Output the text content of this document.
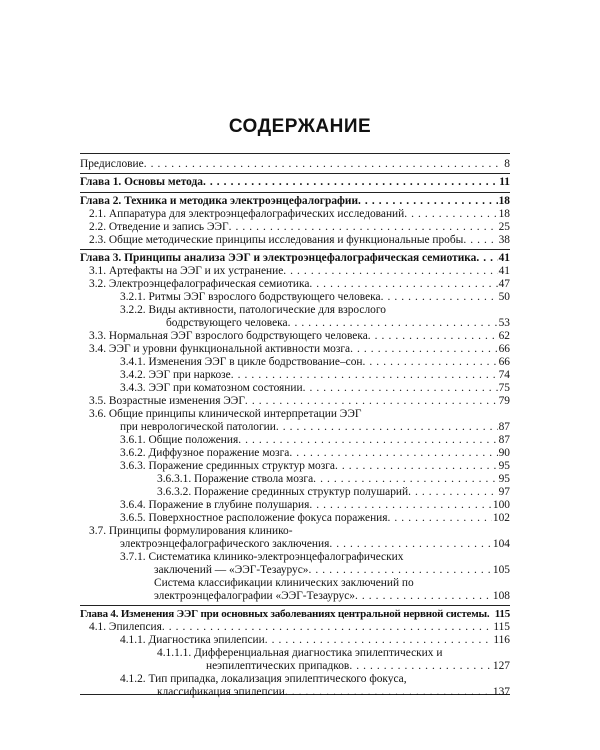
СОДЕРЖАНИЕ
Предисловие . . .	8
Глава 1. Основы метода . . .	11
Глава 2. Техника и методика электроэнцефалографии . . .	18
2.1. Аппаратура для электроэнцефалографических исследований . . .	18
2.2. Отведение и запись ЭЭГ . . .	25
2.3. Общие методические принципы исследования и функциональные пробы . . .	38
Глава 3. Принципы анализа ЭЭГ и электроэнцефалографическая семиотика . . . 41
3.1. Артефакты на ЭЭГ и их устранение . . .	41
3.2. Электроэнцефалографическая семиотика . . .	47
3.2.1. Ритмы ЭЭГ взрослого бодрствующего человека . . .	50
3.2.2. Виды активности, патологические для взрослого
бодрствующего человека . . .	53
3.3. Нормальная ЭЭГ взрослого бодрствующего человека . . .	62
3.4. ЭЭГ и уровни функциональной активности мозга . . .	66
3.4.1. Изменения ЭЭГ в цикле бодрствование–сон . . .	66
3.4.2. ЭЭГ при наркозе . . .	74
3.4.3. ЭЭГ при коматозном состоянии . . .	75
3.5. Возрастные изменения ЭЭГ . . .	79
3.6. Общие принципы клинической интерпретации ЭЭГ
при неврологической патологии . . .	87
3.6.1. Общие положения . . .	87
3.6.2. Диффузное поражение мозга . . .	90
3.6.3. Поражение срединных структур мозга . . .	95
3.6.3.1. Поражение ствола мозга . . .	95
3.6.3.2. Поражение срединных структур полушарий . . .	97
3.6.4. Поражение в глубине полушария . . .	100
3.6.5. Поверхностное расположение фокуса поражения . . .	102
3.7. Принципы формулирования клинико-
электроэнцефалографического заключения . . .	104
3.7.1. Систематика клинико-электроэнцефалографических
заключений — «ЭЭГ-Тезаурус» . . .	105
Система классификации клинических заключений по
электроэнцефалографии «ЭЭГ-Тезаурус» . . .	108
Глава 4. Изменения ЭЭГ при основных заболеваниях центральной нервной системы . . . 115
4.1. Эпилепсия . . .	115
4.1.1. Диагностика эпилепсии . . .	116
4.1.1.1. Дифференциальная диагностика эпилептических и
неэпилептических припадков . . .	127
4.1.2. Тип припадка, локализация эпилептического фокуса,
классификация эпилепсии . . .	137
